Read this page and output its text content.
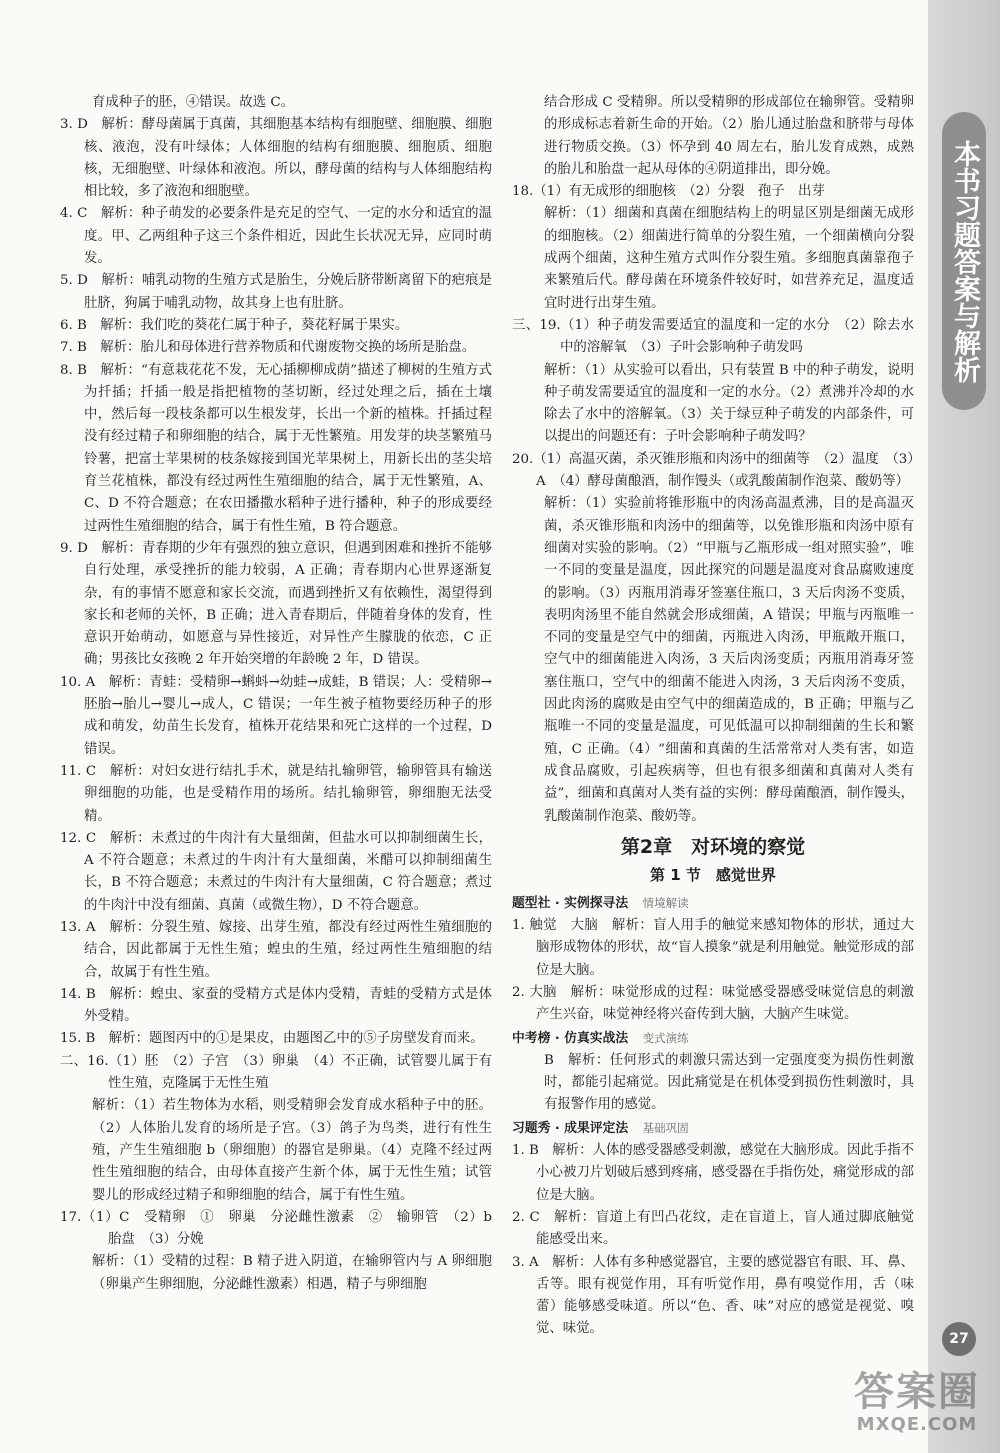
本书习题答案与解析
27

育成种子的胚，④错误。故选 C。

3. D　解析：酵母菌属于真菌，其细胞基本结构有细胞壁、细胞膜、细胞核、液泡，没有叶绿体；人体细胞的结构有细胞膜、细胞质、细胞核，无细胞壁、叶绿体和液泡。所以，酵母菌的结构与人体细胞结构相比较，多了液泡和细胞壁。

4. C　解析：种子萌发的必要条件是充足的空气、一定的水分和适宜的温度。甲、乙两组种子这三个条件相近，因此生长状况无异，应同时萌发。

5. D　解析：哺乳动物的生殖方式是胎生，分娩后脐带断离留下的疤痕是肚脐，狗属于哺乳动物，故其身上也有肚脐。

6. B　解析：我们吃的葵花仁属于种子，葵花籽属于果实。

7. B　解析：胎儿和母体进行营养物质和代谢废物交换的场所是胎盘。

8. B　解析：“有意栽花花不发，无心插柳柳成荫”描述了柳树的生殖方式为扦插；扦插一般是指把植物的茎切断，经过处理之后，插在土壤中，然后每一段枝条都可以生根发芽，长出一个新的植株。扦插过程没有经过精子和卵细胞的结合，属于无性繁殖。用发芽的块茎繁殖马铃薯，把富士苹果树的枝条嫁接到国光苹果树上，用新长出的茎尖培育兰花植株，都没有经过两性生殖细胞的结合，属于无性繁殖，A、C、D 不符合题意；在农田播撒水稻种子进行播种，种子的形成要经过两性生殖细胞的结合，属于有性生殖，B 符合题意。

9. D　解析：青春期的少年有强烈的独立意识，但遇到困难和挫折不能够自行处理，承受挫折的能力较弱，A 正确；青春期内心世界逐渐复杂，有的事情不愿意和家长交流，而遇到挫折又有依赖性，渴望得到家长和老师的关怀，B 正确；进入青春期后，伴随着身体的发育，性意识开始萌动，如愿意与异性接近，对异性产生朦胧的依恋，C 正确；男孩比女孩晚 2 年开始突增的年龄晚 2 年，D 错误。

10. A　解析：青蛙：受精卵→蝌蚪→幼蛙→成蛙，B 错误；人：受精卵→胚胎→胎儿→婴儿→成人，C 错误；一年生被子植物要经历种子的形成和萌发，幼苗生长发育，植株开花结果和死亡这样的一个过程，D 错误。

11. C　解析：对妇女进行结扎手术，就是结扎输卵管，输卵管具有输送卵细胞的功能，也是受精作用的场所。结扎输卵管，卵细胞无法受精。

12. C　解析：未煮过的牛肉汁有大量细菌，但盐水可以抑制细菌生长，A 不符合题意；未煮过的牛肉汁有大量细菌，米醋可以抑制细菌生长，B 不符合题意；未煮过的牛肉汁有大量细菌，C 符合题意；煮过的牛肉汁中没有细菌、真菌（或微生物），D 不符合题意。

13. A　解析：分裂生殖、嫁接、出芽生殖，都没有经过两性生殖细胞的结合，因此都属于无性生殖；蝗虫的生殖，经过两性生殖细胞的结合，故属于有性生殖。

14. B　解析：蝗虫、家蚕的受精方式是体内受精，青蛙的受精方式是体外受精。

15. B　解析：题图丙中的①是果皮，由题图乙中的⑤子房壁发育而来。

二、16.（1）胚　（2）子宫　（3）卵巢　（4）不正确，试管婴儿属于有性生殖，克隆属于无性生殖

解析：（1）若生物体为水稻，则受精卵会发育成水稻种子中的胚。（2）人体胎儿发育的场所是子宫。（3）鸽子为鸟类，进行有性生殖，产生生殖细胞 b（卵细胞）的器官是卵巢。（4）克隆不经过两性生殖细胞的结合，由母体直接产生新个体，属于无性生殖；试管婴儿的形成经过精子和卵细胞的结合，属于有性生殖。

17.（1）C　受精卵　①　卵巢　分泌雌性激素　②　输卵管　（2）b　胎盘　（3）分娩

解析：（1）受精的过程：B 精子进入阴道，在输卵管内与 A 卵细胞（卵巢产生卵细胞，分泌雌性激素）相遇，精子与卵细胞

结合形成 C 受精卵。所以受精卵的形成部位在输卵管。受精卵的形成标志着新生命的开始。（2）胎儿通过胎盘和脐带与母体进行物质交换。（3）怀孕到 40 周左右，胎儿发育成熟，成熟的胎儿和胎盘一起从母体的④阴道排出，即分娩。

18.（1）有无成形的细胞核　（2）分裂　孢子　出芽

解析：（1）细菌和真菌在细胞结构上的明显区别是细菌无成形的细胞核。（2）细菌进行简单的分裂生殖，一个细菌横向分裂成两个细菌，这种生殖方式叫作分裂生殖。多细胞真菌靠孢子来繁殖后代。酵母菌在环境条件较好时，如营养充足，温度适宜时进行出芽生殖。

三、19.（1）种子萌发需要适宜的温度和一定的水分　（2）除去水中的溶解氧　（3）子叶会影响种子萌发吗

解析：（1）从实验可以看出，只有装置 B 中的种子萌发，说明种子萌发需要适宜的温度和一定的水分。（2）煮沸并冷却的水除去了水中的溶解氧。（3）关于绿豆种子萌发的内部条件，可以提出的问题还有：子叶会影响种子萌发吗？

20.（1）高温灭菌，杀灭锥形瓶和肉汤中的细菌等　（2）温度　（3）A　（4）酵母菌酿酒，制作馒头（或乳酸菌制作泡菜、酸奶等）

解析：（1）实验前将锥形瓶中的肉汤高温煮沸，目的是高温灭菌，杀灭锥形瓶和肉汤中的细菌等，以免锥形瓶和肉汤中原有细菌对实验的影响。（2）“甲瓶与乙瓶形成一组对照实验”，唯一不同的变量是温度，因此探究的问题是温度对食品腐败速度的影响。（3）丙瓶用消毒牙签塞住瓶口，3 天后肉汤不变质，表明肉汤里不能自然就会形成细菌，A 错误；甲瓶与丙瓶唯一不同的变量是空气中的细菌，丙瓶进入肉汤，甲瓶敞开瓶口，空气中的细菌能进入肉汤，3 天后肉汤变质；丙瓶用消毒牙签塞住瓶口，空气中的细菌不能进入肉汤，3 天后肉汤不变质，因此肉汤的腐败是由空气中的细菌造成的，B 正确；甲瓶与乙瓶唯一不同的变量是温度，可见低温可以抑制细菌的生长和繁殖，C 正确。（4）“细菌和真菌的生活常常对人类有害，如造成食品腐败，引起疾病等，但也有很多细菌和真菌对人类有益”，细菌和真菌对人类有益的实例：酵母菌酿酒，制作馒头，乳酸菌制作泡菜、酸奶等。

第2章　对环境的察觉
第 1 节　感觉世界

题型社 · 实例探寻法 情境解读

1. 触觉　大脑　解析：盲人用手的触觉来感知物体的形状，通过大脑形成物体的形状，故“盲人摸象”就是利用触觉。触觉形成的部位是大脑。

2. 大脑　解析：味觉形成的过程：味觉感受器感受味觉信息的刺激产生兴奋，味觉神经将兴奋传到大脑，大脑产生味觉。

中考榜 · 仿真实战法 变式演练

B　解析：任何形式的刺激只需达到一定强度变为损伤性刺激时，都能引起痛觉。因此痛觉是在机体受到损伤性刺激时，具有报警作用的感觉。

习题秀 · 成果评定法 基础巩固

1. B　解析：人体的感受器感受刺激，感觉在大脑形成。因此手指不小心被刀片划破后感到疼痛，感受器在手指伤处，痛觉形成的部位是大脑。

2. C　解析：盲道上有凹凸花纹，走在盲道上，盲人通过脚底触觉能感受出来。

3. A　解析：人体有多种感觉器官，主要的感觉器官有眼、耳、鼻、舌等。眼有视觉作用，耳有听觉作用，鼻有嗅觉作用，舌（味蕾）能够感受味道。所以“色、香、味”对应的感觉是视觉、嗅觉、味觉。

答案圈
MXQE.COM
